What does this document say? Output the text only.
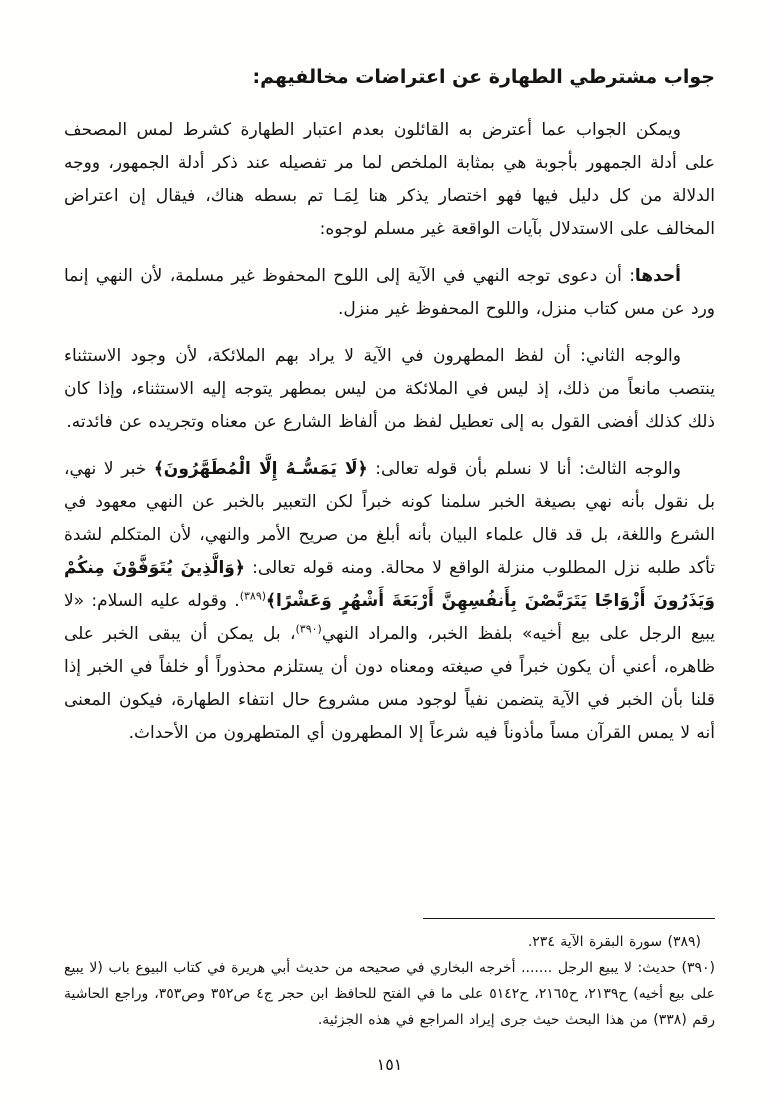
جواب مشترطي الطهارة عن اعتراضات مخالفيهم:

ويمكن الجواب عما أعترض به القائلون بعدم اعتبار الطهارة كشرط لمس المصحف على أدلة الجمهور بأجوبة هي بمثابة الملخص لما مر تفصيله عند ذكر أدلة الجمهور، ووجه الدلالة من كل دليل فيها فهو اختصار يذكر هنا لِمَـا تم بسطه هناك، فيقال إن اعتراض المخالف على الاستدلال بآيات الواقعة غير مسلم لوجوه:

أحدها: أن دعوى توجه النهي في الآية إلى اللوح المحفوظ غير مسلمة، لأن النهي إنما ورد عن مس كتاب منزل، واللوح المحفوظ غير منزل.

والوجه الثاني: أن لفظ المطهرون في الآية لا يراد بهم الملائكة، لأن وجود الاستثناء ينتصب مانعاً من ذلك، إذ ليس في الملائكة من ليس بمطهر يتوجه إليه الاستثناء، وإذا كان ذلك كذلك أفضى القول به إلى تعطيل لفظ من ألفاظ الشارع عن معناه وتجريده عن فائدته.

والوجه الثالث: أنا لا نسلم بأن قوله تعالى: ﴿لَا يَمَسُّـهُ إِلَّا الْمُطَهَّرُونَ﴾ خبر لا نهي، بل نقول بأنه نهي بصيغة الخبر سلمنا كونه خبراً لكن التعبير بالخبر عن النهي معهود في الشرع واللغة، بل قد قال علماء البيان بأنه أبلغ من صريح الأمر والنهي، لأن المتكلم لشدة تأكد طلبه نزل المطلوب منزلة الواقع لا محالة. ومنه قوله تعالى: ﴿وَالَّذِينَ يُتَوَفَّوْنَ مِنكُمْ وَيَذَرُونَ أَزْوَاجًا يَتَرَبَّصْنَ بِأَنفُسِهِنَّ أَرْبَعَةَ أَشْهُرٍ وَعَشْرًا﴾$^{(٣٨٩)}$. وقوله عليه السلام: «لا يبيع الرجل على بيع أخيه» بلفظ الخبر، والمراد النهي$^{(٣٩٠)}$، بل يمكن أن يبقى الخبر على ظاهره، أعني أن يكون خبراً في صيغته ومعناه دون أن يستلزم محذوراً أو خلفاً في الخبر إذا قلنا بأن الخبر في الآية يتضمن نفياً لوجود مس مشروع حال انتفاء الطهارة، فيكون المعنى أنه لا يمس القرآن مساً مأذوناً فيه شرعاً إلا المطهرون أي المتطهرون من الأحداث.

(٣٨٩) سورة البقرة الآية ٢٣٤.

(٣٩٠) حديث: لا يبيع الرجل ....... أخرجه البخاري في صحيحه من حديث أبي هريرة في كتاب البيوع باب (لا يبيع على بيع أخيه) ح٢١٣٩، ح٢١٦٥، ح٥١٤٢ على ما في الفتح للحافظ ابن حجر ج٤ ص٣٥٢ وص٣٥٣، وراجع الحاشية رقم (٣٣٨) من هذا البحث حيث جرى إيراد المراجع في هذه الجزئية.

١٥١
